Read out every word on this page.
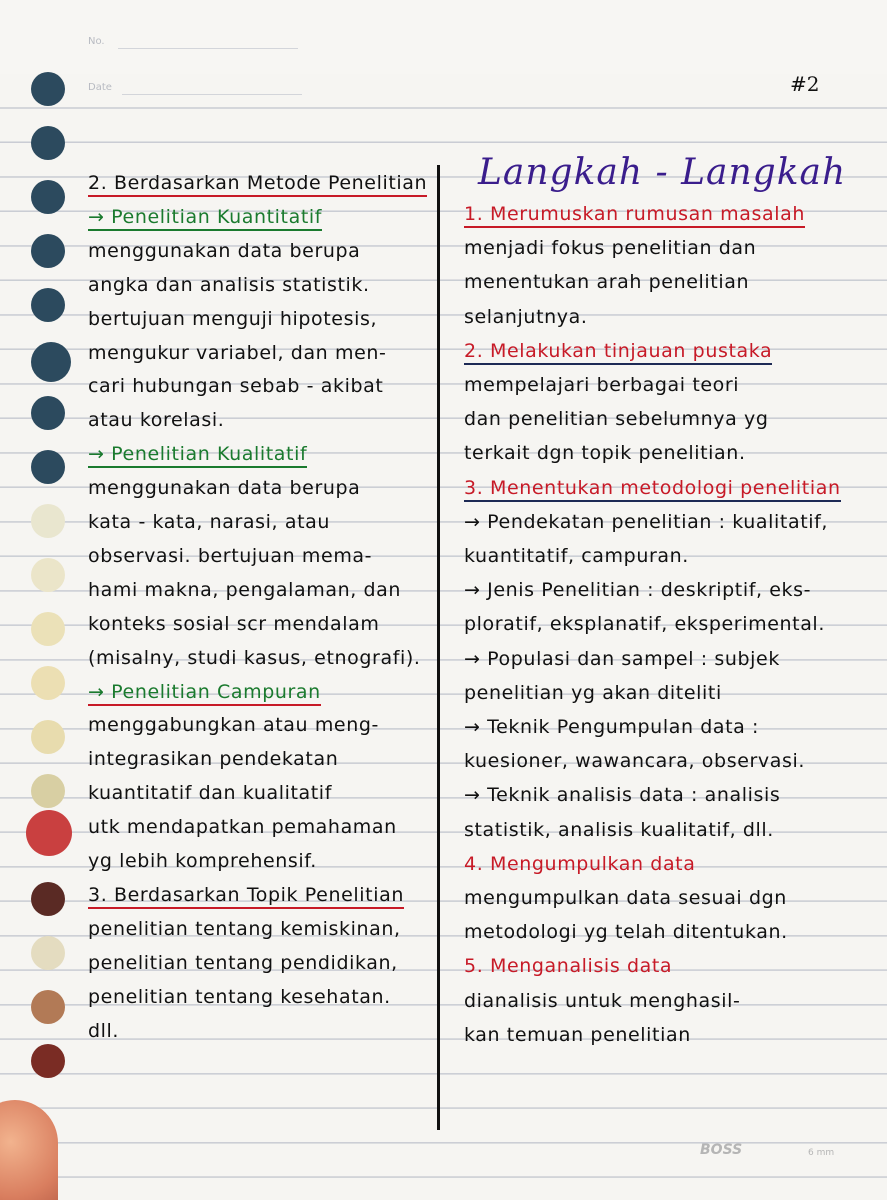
No.
Date	#2
2. Berdasarkan Metode Penelitian
→ Penelitian Kuantitatif
menggunakan data berupa
angka dan analisis statistik.
bertujuan menguji hipotesis,
mengukur variabel, dan men-
cari hubungan sebab - akibat
atau korelasi.
→ Penelitian Kualitatif
menggunakan data berupa
kata - kata, narasi, atau
observasi. bertujuan mema-
hami makna, pengalaman, dan
konteks sosial scr mendalam
(misalny, studi kasus, etnografi).
→ Penelitian Campuran
menggabungkan atau meng-
integrasikan pendekatan
kuantitatif dan kualitatif
utk mendapatkan pemahaman
yg lebih komprehensif.
3. Berdasarkan Topik Penelitian
penelitian tentang kemiskinan,
penelitian tentang pendidikan,
penelitian tentang kesehatan.
dll.
Langkah - Langkah
1. Merumuskan rumusan masalah
menjadi fokus penelitian dan
menentukan arah penelitian
selanjutnya.
2. Melakukan tinjauan pustaka
mempelajari berbagai teori
dan penelitian sebelumnya yg
terkait dgn topik penelitian.
3. Menentukan metodologi penelitian
→ Pendekatan penelitian : kualitatif,
kuantitatif, campuran.
→ Jenis Penelitian : deskriptif, eks-
ploratif, eksplanatif, eksperimental.
→ Populasi dan sampel : subjek
penelitian yg akan diteliti
→ Teknik Pengumpulan data :
kuesioner, wawancara, observasi.
→ Teknik analisis data : analisis
statistik, analisis kualitatif, dll.
4. Mengumpulkan data
mengumpulkan data sesuai dgn
metodologi yg telah ditentukan.
5. Menganalisis data
dianalisis untuk menghasil-
kan temuan penelitian
BOSS	6 mm
